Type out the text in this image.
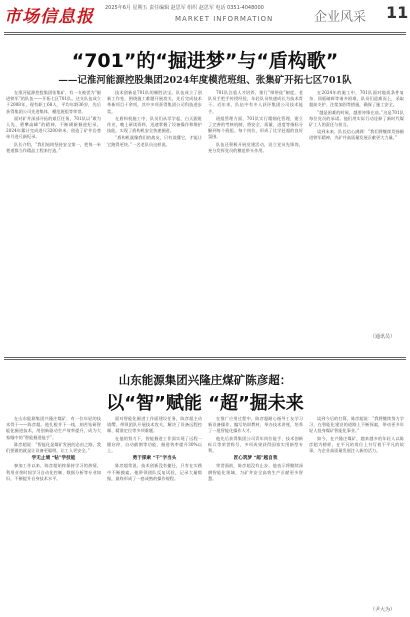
市场信息报 2025年6月 星期五 责任编辑 赵思军 组织 赵思军 电话 0351-4048000
MARKET INFORMATION	企业风采 11
“701”的“掘进梦”与“盾构歌”
——记淮河能源控股集团2024年度模范班组、张集矿开拓七区701队

在淮河能源控股集团张集矿，有一支被誉为“掘进铁军”的队伍——开拓七区701队。这支队伍成立于2008年，现有职工68人，平均年龄36岁，先后获得集团公司先进集体、模范班组等荣誉。

面对矿井深部开拓的艰巨任务，701队以“敢为人先、勇攀高峰”的精神，不断刷新掘进纪录。2024年累计完成进尺3200余米，创造了矿井岩巷单月进尺新纪录。

队长介绍，“我们始终坚持安全第一，把每一米巷道都当作精品工程来打造。”

技术创新是701队的制胜法宝。队伍成立了创新工作室，围绕施工难题开展攻关，先后完成技术革新项目十余项，其中多项获得集团公司科技进步奖。

在盾构机施工中，队员们从零学起，白天跟班作业，晚上研读资料，迅速掌握了设备操作和维护技能，实现了盾构机安全快速掘进。

“盾构机就像我们的战友，只有读懂它，才能让它跑得更快。”一名老队员这样说。

701队注重人才培养，推行“师带徒”制度，老队员手把手传授经验，年轻队员快速成长为技术骨干。近年来，队伍中有多人获评集团公司技术能手。

班组管理方面，701队实行精细化管理，建立了完善的考核机制，将安全、质量、进度等指标分解到每个班组、每个岗位，形成了比学赶超的良好氛围。

队伍还积极开展党建活动，设立党员先锋岗，充分发挥党员的模范带头作用。

在2024年的施工中，701队面对地质条件复杂、顶板破碎等诸多困难，队员们迎难而上，采取超前支护、注浆加固等措施，确保了施工安全。

“越是困难的时候，越要冲锋在前。”这是701队每位党员的承诺。他们用实际行动诠释了新时代煤矿工人的责任与担当。

谈到未来，队长信心满满：“我们将继续发扬掘进铁军精神，为矿井高质量发展贡献更大力量。”

（通讯员）
山东能源集团兴隆庄煤矿陈彦超：
以“智”赋能 “超”掘未来

在山东能源集团兴隆庄煤矿，有一位年轻的技术骨干——陈彦超。他扎根井下一线，刻苦钻研智能化掘进技术，用创新驱动生产效率提升，成为大家眼中的“智能掘进能手”。

陈彦超说：“智能化是煤矿发展的必由之路，我们要做的就是让设备更聪明，让工人更安全。”

学无止境 “钻”学技能

参加工作以来，陈彦超始终保持学习的热情，利用业余时间学习自动化控制、数据分析等专业知识，不断提升自身技术水平。

面对智能化掘进工作面建设任务，陈彦超主动请缨，带领团队开展技术攻关，解决了设备远程控制、精准定位等多项难题。

在他的努力下，智能掘进工作面实现了远程一键启停、自动截割等功能，掘进效率提升30%以上。

勇于探索 “干”字当头

陈彦超常说，技术创新没有捷径，只有在实践中不断摸索。他带领团队反复试验，记录大量数据，最终形成了一套成熟的操作规程。

在推广应用过程中，陈彦超耐心指导工友学习新设备操作，编写培训教材，举办技术讲座，培养了一批智能化操作人才。

他先后获得集团公司青年岗位能手、技术创新标兵等荣誉称号，多项成果获得国家实用新型专利。

匠心筑梦 “超”越自我

荣誉面前，陈彦超没有止步。他表示将继续深耕智能化领域，为矿井安全高效生产贡献更多智慧。

谈到今后的打算，陈彦超说：“我将继续努力学习，在智能化建设的道路上不断探索，带动更多年轻人投身煤矿智能化事业。”

如今，在兴隆庄煤矿，越来越多的年轻人以陈彦超为榜样，在平凡的岗位上书写着不平凡的故事，为企业高质量发展注入新的活力。

（尹大为）
